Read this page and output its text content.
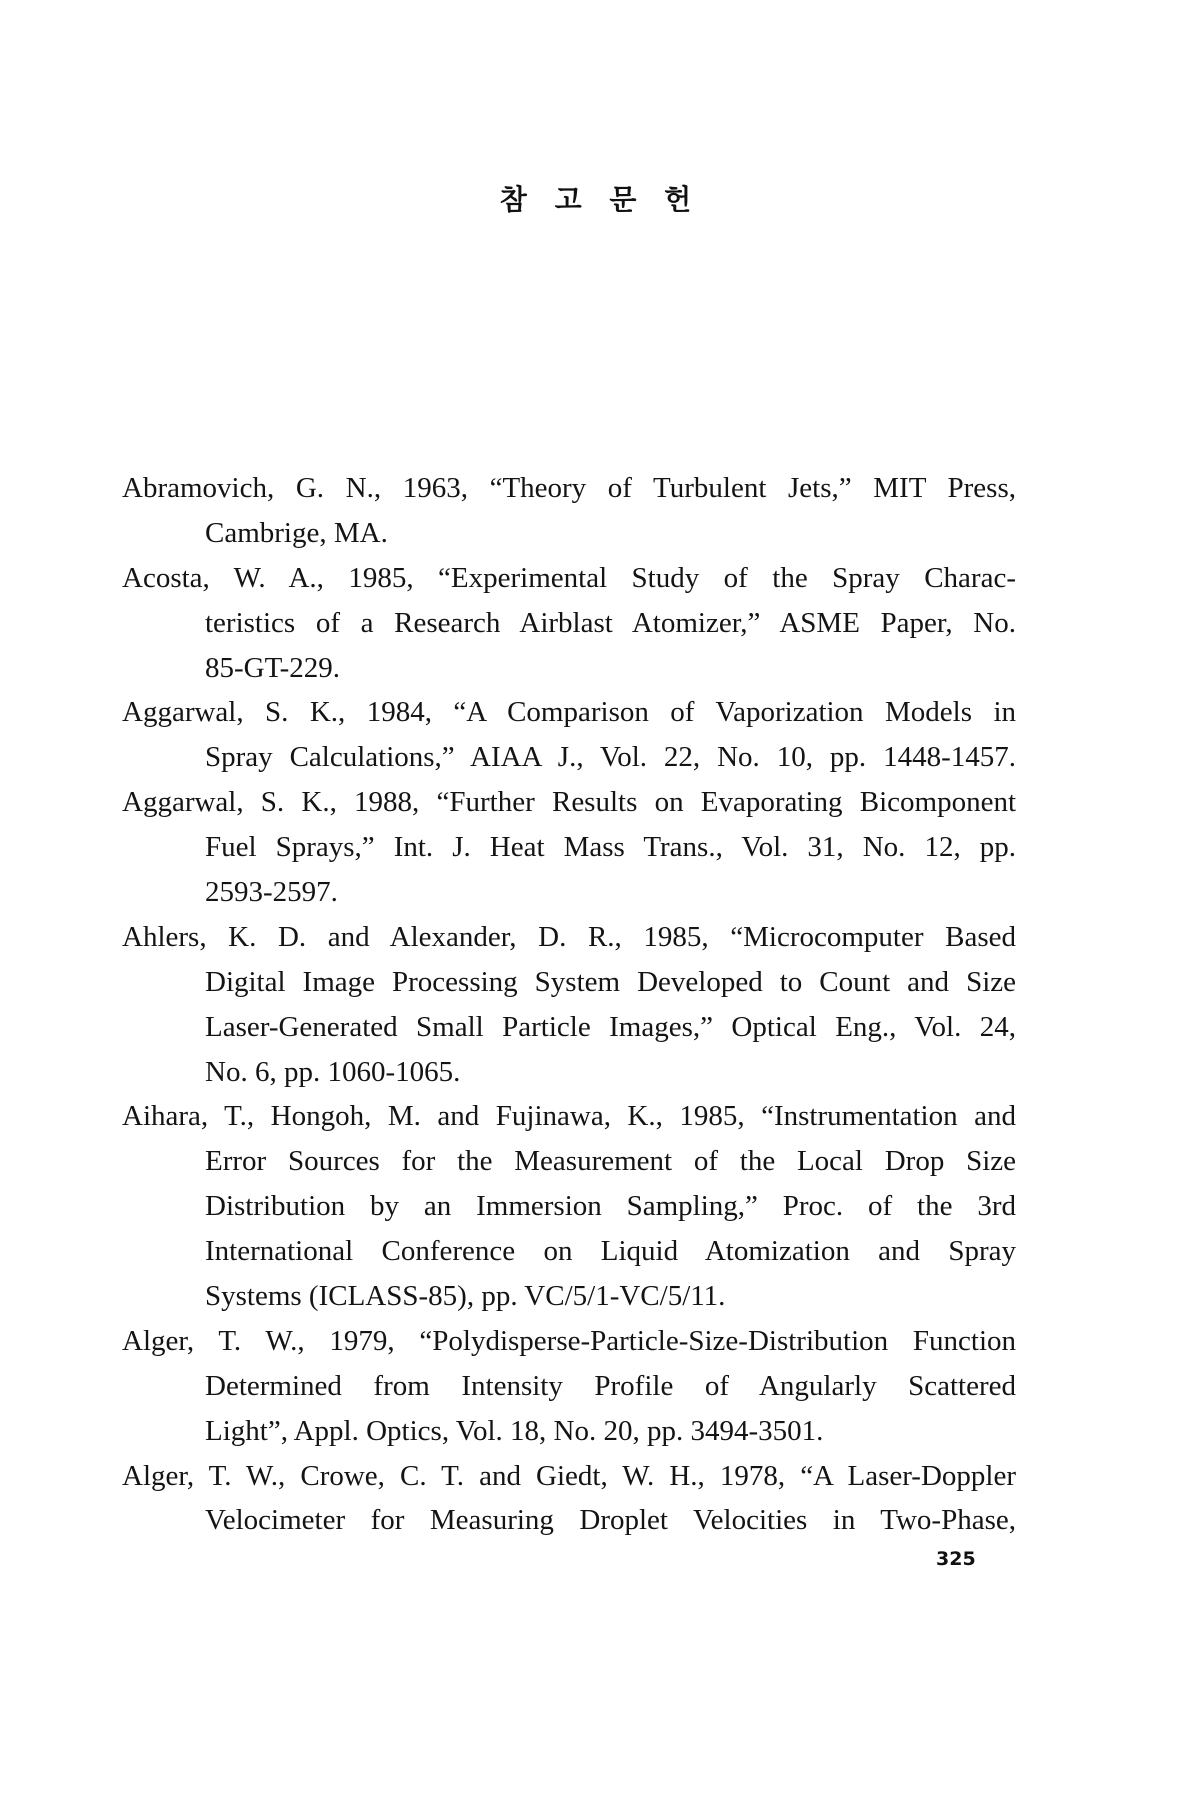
참 고 문 헌
Abramovich, G. N., 1963, “Theory of Turbulent Jets,” MIT Press,
Cambrige, MA.
Acosta, W. A., 1985, “Experimental Study of the Spray Charac-
teristics of a Research Airblast Atomizer,” ASME Paper, No.
85-GT-229.
Aggarwal, S. K., 1984, “A Comparison of Vaporization Models in
Spray Calculations,” AIAA J., Vol. 22, No. 10, pp. 1448-1457.
Aggarwal, S. K., 1988, “Further Results on Evaporating Bicomponent
Fuel Sprays,” Int. J. Heat Mass Trans., Vol. 31, No. 12, pp.
2593-2597.
Ahlers, K. D. and Alexander, D. R., 1985, “Microcomputer Based
Digital Image Processing System Developed to Count and Size
Laser-Generated Small Particle Images,” Optical Eng., Vol. 24,
No. 6, pp. 1060-1065.
Aihara, T., Hongoh, M. and Fujinawa, K., 1985, “Instrumentation and
Error Sources for the Measurement of the Local Drop Size
Distribution by an Immersion Sampling,” Proc. of the 3rd
International Conference on Liquid Atomization and Spray
Systems (ICLASS-85), pp. VC/5/1-VC/5/11.
Alger, T. W., 1979, “Polydisperse-Particle-Size-Distribution Function
Determined from Intensity Profile of Angularly Scattered
Light”, Appl. Optics, Vol. 18, No. 20, pp. 3494-3501.
Alger, T. W., Crowe, C. T. and Giedt, W. H., 1978, “A Laser-Doppler
Velocimeter for Measuring Droplet Velocities in Two-Phase,
325
